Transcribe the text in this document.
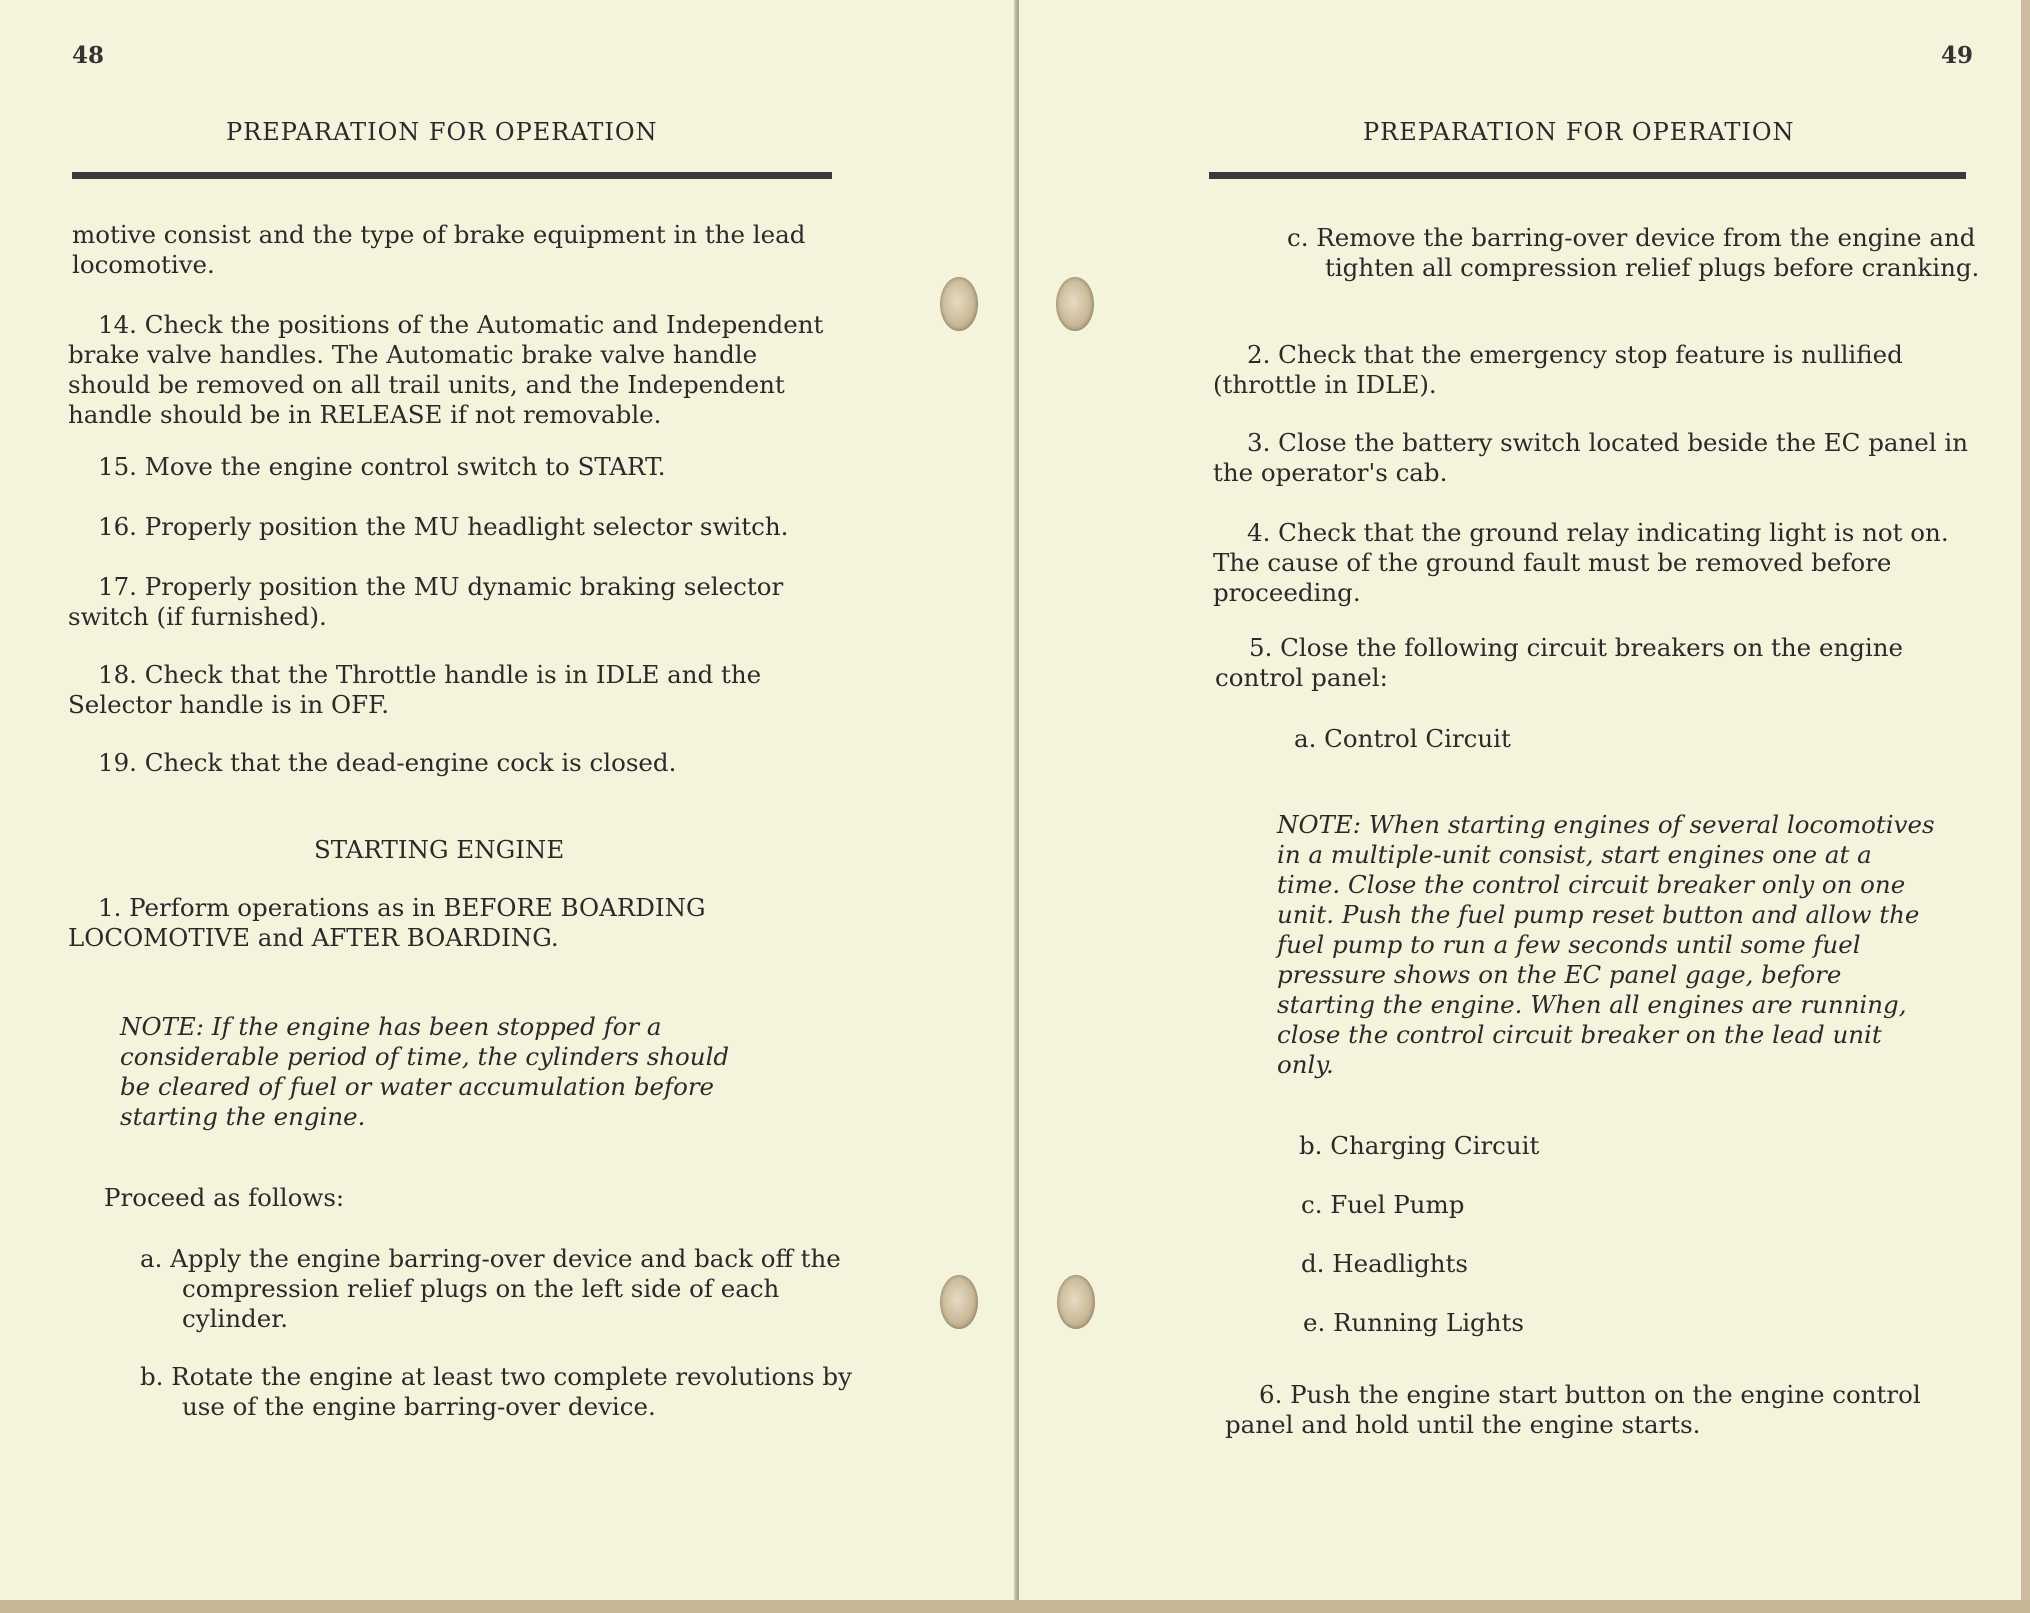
48
PREPARATION FOR OPERATION

motive consist and the type of brake equipment in the lead locomotive.

14. Check the positions of the Automatic and Independent brake valve handles. The Automatic brake valve handle should be removed on all trail units, and the Independent handle should be in RELEASE if not removable.

15. Move the engine control switch to START.

16. Properly position the MU headlight selector switch.

17. Properly position the MU dynamic braking selector switch (if furnished).

18. Check that the Throttle handle is in IDLE and the Selector handle is in OFF.

19. Check that the dead-engine cock is closed.

STARTING ENGINE

1. Perform operations as in BEFORE BOARDING LOCOMOTIVE and AFTER BOARDING.

NOTE: If the engine has been stopped for a considerable period of time, the cylinders should be cleared of fuel or water accumulation before starting the engine.

Proceed as follows:

a. Apply the engine barring-over device and back off the compression relief plugs on the left side of each cylinder.

b. Rotate the engine at least two complete revolutions by use of the engine barring-over device.

49
PREPARATION FOR OPERATION

c. Remove the barring-over device from the engine and tighten all compression relief plugs before cranking.

2. Check that the emergency stop feature is nullified (throttle in IDLE).

3. Close the battery switch located beside the EC panel in the operator's cab.

4. Check that the ground relay indicating light is not on. The cause of the ground fault must be removed before proceeding.

5. Close the following circuit breakers on the engine control panel:

a. Control Circuit

NOTE: When starting engines of several locomotives in a multiple-unit consist, start engines one at a time. Close the control circuit breaker only on one unit. Push the fuel pump reset button and allow the fuel pump to run a few seconds until some fuel pressure shows on the EC panel gage, before starting the engine. When all engines are running, close the control circuit breaker on the lead unit only.

b. Charging Circuit
c. Fuel Pump
d. Headlights
e. Running Lights

6. Push the engine start button on the engine control panel and hold until the engine starts.
